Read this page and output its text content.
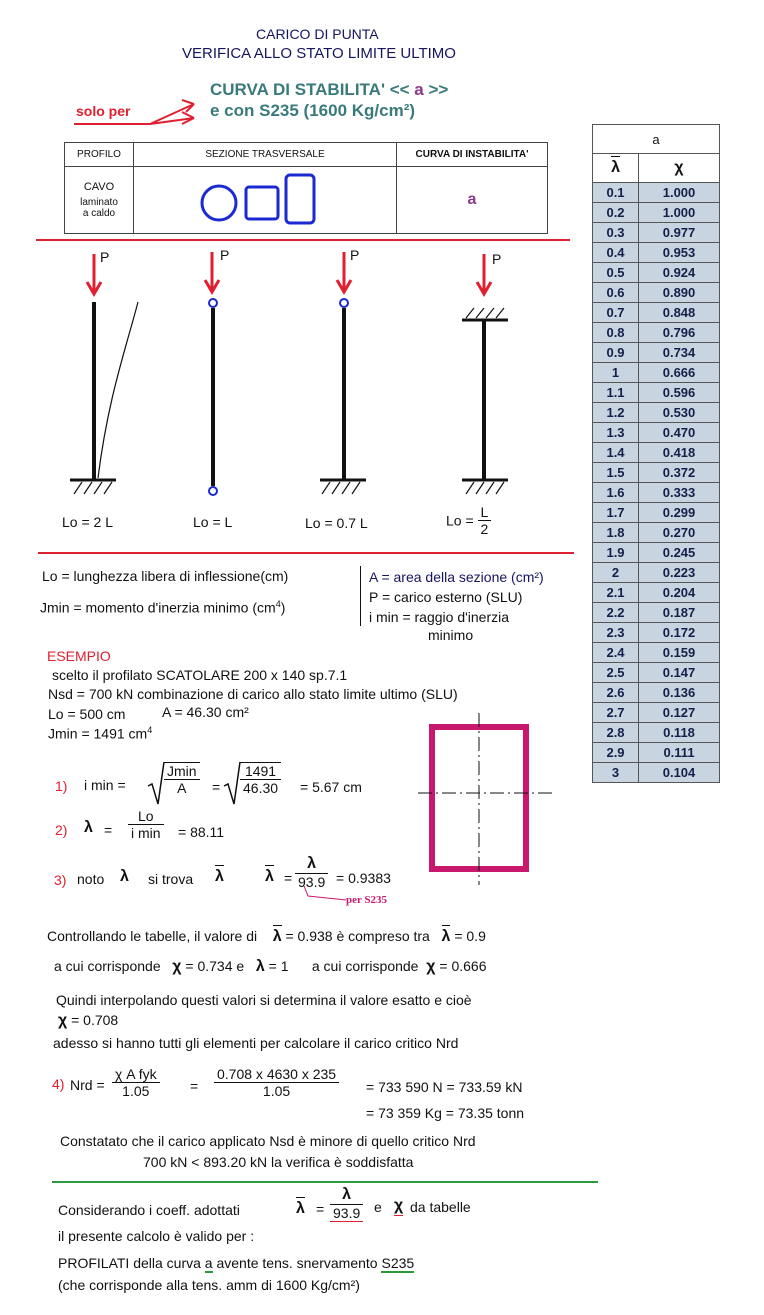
CARICO DI PUNTA
VERIFICA ALLO STATO LIMITE ULTIMO
CURVA DI STABILITA' << a >>
e con S235 (1600 Kg/cm²)
solo per
PROFILO	SEZIONE TRASVERSALE	CURVA DI INSTABILITA'

CAVO
laminato
a caldo		a
P	P	P	P
Lo = 2 L	Lo = L	Lo = 0.7 L	$Lo = \frac{L}{2}$
Lo = lunghezza libera di inflessione(cm)
Jmin = momento d'inerzia minimo $(cm^4)$
A = area della sezione (cm²)
P = carico esterno (SLU)
i min = raggio d'inerzia
minimo
ESEMPIO
scelto il profilato SCATOLARE 200 x 140 sp.7.1
Nsd = 700 kN combinazione di carico allo stato limite ultimo (SLU)
Lo = 500 cm	A = 46.30 cm²
Jmin = 1491 $cm^4$
1) i min =	$\frac{Jmin}{A} = \frac{1491}{46.30} = 5.67$ cm
2) $\lambda = \frac{Lo}{\text{i min}} = 88.11$
3) noto λ si trova λ	$\lambda = \frac{\lambda}{93.9} = 0.9383$
per S235
Controllando le tabelle, il valore di λ = 0.938 è compreso tra λ = 0.9
a cui corrisponde χ = 0.734 e λ = 1 a cui corrisponde χ = 0.666
Quindi interpolando questi valori si determina il valore esatto e cioè
χ = 0.708
adesso si hanno tutti gli elementi per calcolare il carico critico Nrd
4) Nrd = $\frac{\text{χ A fyk}}{1.05} = \frac{0.708 x 4630 x 235}{1.05} = 733$ 590 N = 733.59 kN
= 73 359 Kg = 73.35 tonn
Constatato che il carico applicato Nsd è minore di quello critico Nrd
700 kN < 893.20 kN la verifica è soddisfatta
Considerando i coeff. adottati	$\lambda = \frac{\lambda}{93.9}$ e χ da tabelle
il presente calcolo è valido per :
PROFILATI della curva a avente tens. snervamento S235
(che corrisponde alla tens. amm di 1600 Kg/cm²)
a	
λ	χ
0.1	1.000
0.2	1.000
0.3	0.977
0.4	0.953
0.5	0.924
0.6	0.890
0.7	0.848
0.8	0.796
0.9	0.734
1	0.666
1.1	0.596
1.2	0.530
1.3	0.470
1.4	0.418
1.5	0.372
1.6	0.333
1.7	0.299
1.8	0.270
1.9	0.245
2	0.223
2.1	0.204
2.2	0.187
2.3	0.172
2.4	0.159
2.5	0.147
2.6	0.136
2.7	0.127
2.8	0.118
2.9	0.111
3	0.104
